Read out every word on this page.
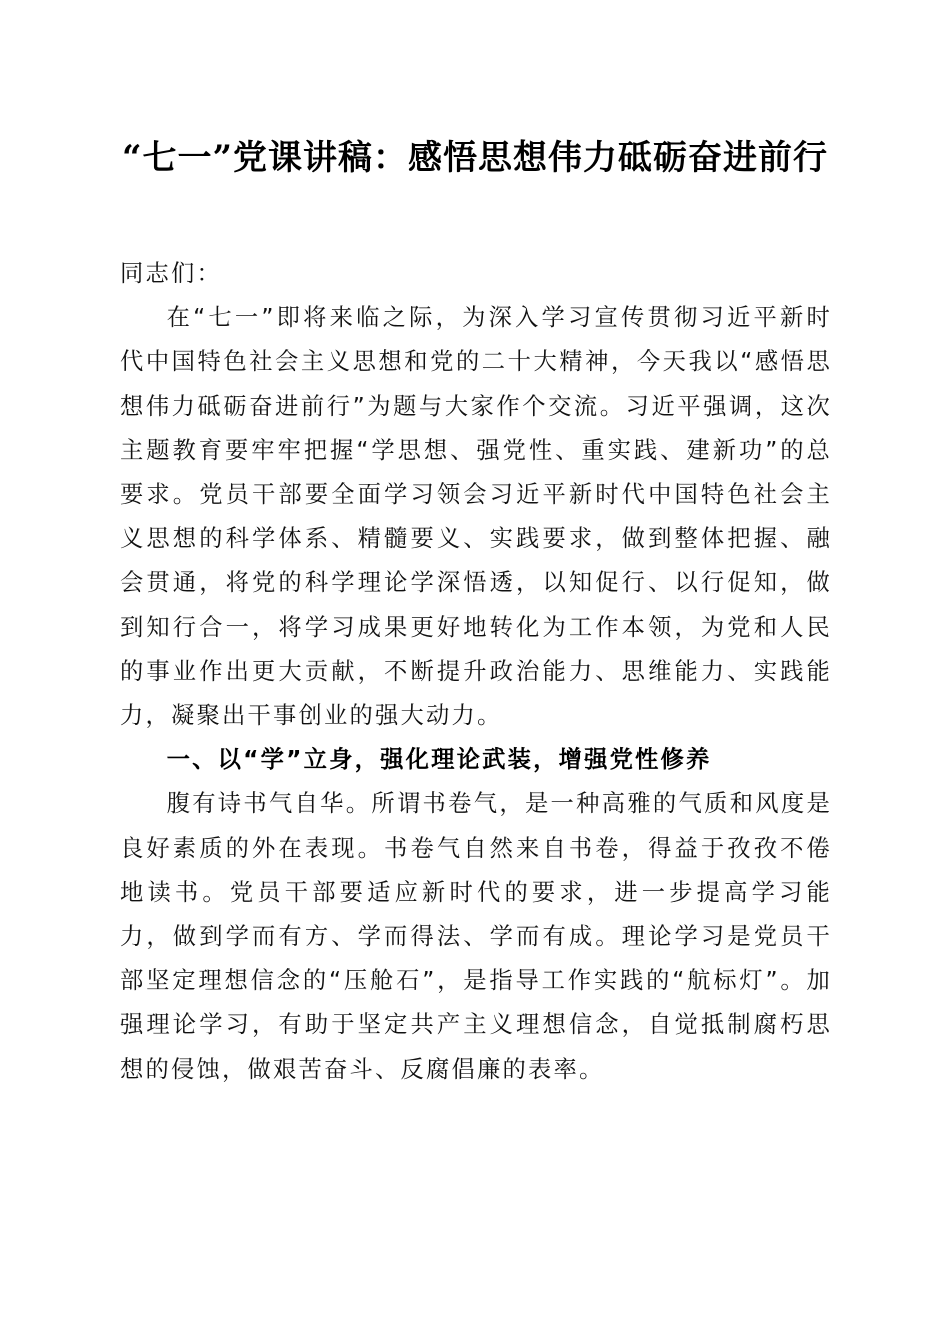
“七一”党课讲稿：感悟思想伟力砥砺奋进前行

同志们：

在“七一”即将来临之际，为深入学习宣传贯彻习近平新时代中国特色社会主义思想和党的二十大精神，今天我以“感悟思想伟力砥砺奋进前行”为题与大家作个交流。习近平强调，这次主题教育要牢牢把握“学思想、强党性、重实践、建新功”的总要求。党员干部要全面学习领会习近平新时代中国特色社会主义思想的科学体系、精髓要义、实践要求，做到整体把握、融会贯通，将党的科学理论学深悟透，以知促行、以行促知，做到知行合一，将学习成果更好地转化为工作本领，为党和人民的事业作出更大贡献，不断提升政治能力、思维能力、实践能力，凝聚出干事创业的强大动力。

一、以“学”立身，强化理论武装，增强党性修养

腹有诗书气自华。所谓书卷气，是一种高雅的气质和风度是良好素质的外在表现。书卷气自然来自书卷，得益于孜孜不倦地读书。党员干部要适应新时代的要求，进一步提高学习能力，做到学而有方、学而得法、学而有成。理论学习是党员干部坚定理想信念的“压舱石”，是指导工作实践的“航标灯”。加强理论学习，有助于坚定共产主义理想信念，自觉抵制腐朽思想的侵蚀，做艰苦奋斗、反腐倡廉的表率。
